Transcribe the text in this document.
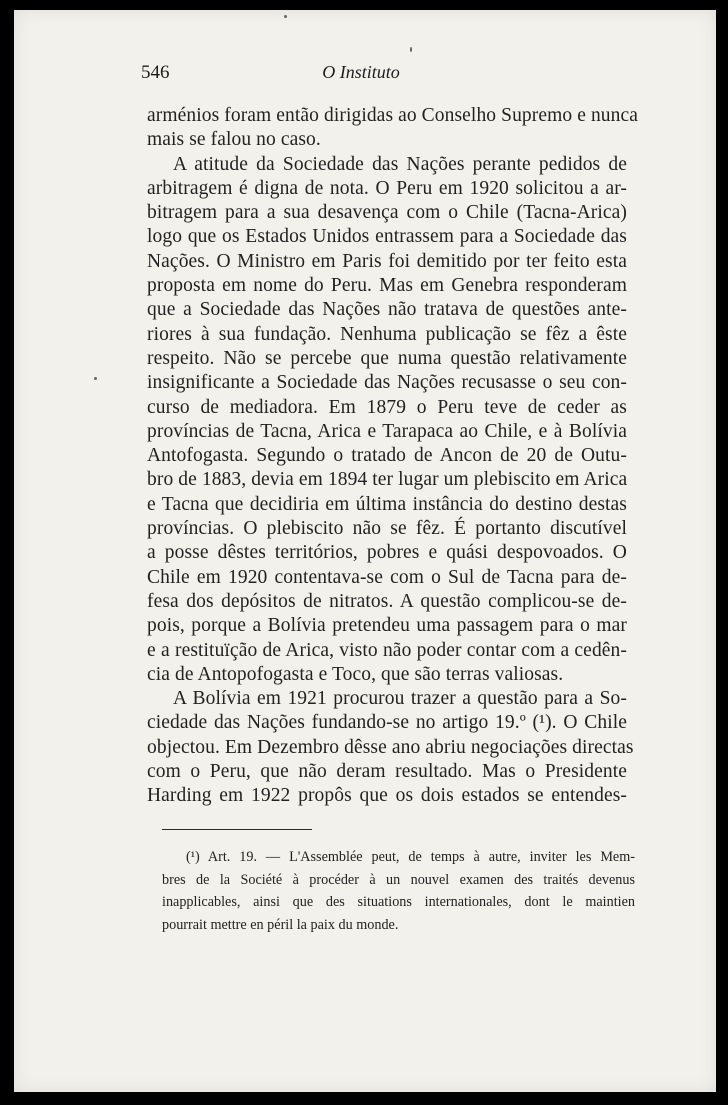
546	O Instituto
arménios foram então dirigidas ao Conselho Supremo e nunca
mais se falou no caso.
A atitude da Sociedade das Nações perante pedidos de
arbitragem é digna de nota. O Peru em 1920 solicitou a ar-
bitragem para a sua desavença com o Chile (Tacna-Arica)
logo que os Estados Unidos entrassem para a Sociedade das
Nações. O Ministro em Paris foi demitido por ter feito esta
proposta em nome do Peru. Mas em Genebra responderam
que a Sociedade das Nações não tratava de questões ante-
riores à sua fundação. Nenhuma publicação se fêz a êste
respeito. Não se percebe que numa questão relativamente
insignificante a Sociedade das Nações recusasse o seu con-
curso de mediadora. Em 1879 o Peru teve de ceder as
províncias de Tacna, Arica e Tarapaca ao Chile, e à Bolívia
Antofogasta. Segundo o tratado de Ancon de 20 de Outu-
bro de 1883, devia em 1894 ter lugar um plebiscito em Arica
e Tacna que decidiria em última instância do destino destas
províncias. O plebiscito não se fêz. É portanto discutível
a posse dêstes territórios, pobres e quási despovoados. O
Chile em 1920 contentava-se com o Sul de Tacna para de-
fesa dos depósitos de nitratos. A questão complicou-se de-
pois, porque a Bolívia pretendeu uma passagem para o mar
e a restituïção de Arica, visto não poder contar com a cedên-
cia de Antopofogasta e Toco, que são terras valiosas.
A Bolívia em 1921 procurou trazer a questão para a So-
ciedade das Nações fundando-se no artigo 19.º (¹). O Chile
objectou. Em Dezembro dêsse ano abriu negociações directas
com o Peru, que não deram resultado. Mas o Presidente
Harding em 1922 propôs que os dois estados se entendes-
(¹) Art. 19. — L'Assemblée peut, de temps à autre, inviter les Mem-
bres de la Société à procéder à un nouvel examen des traités devenus
inapplicables, ainsi que des situations internationales, dont le maintien
pourrait mettre en péril la paix du monde.
